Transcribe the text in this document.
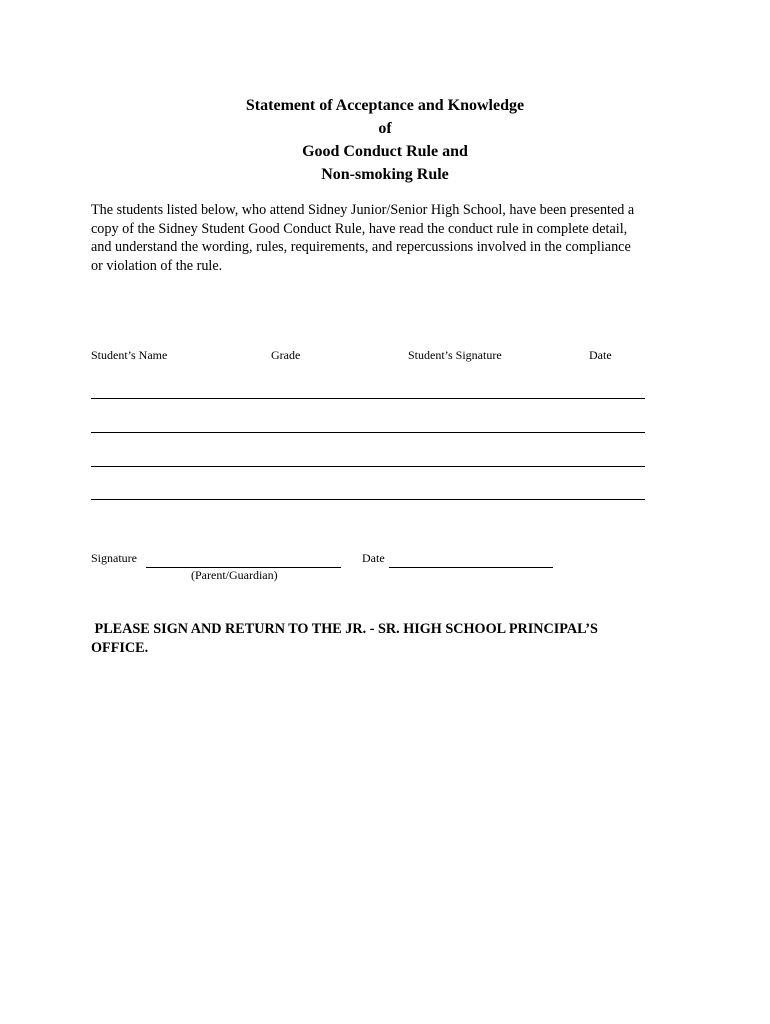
Statement of Acceptance and Knowledge
of
Good Conduct Rule and
Non-smoking Rule
The students listed below, who attend Sidney Junior/Senior High School, have been presented a
copy of the Sidney Student Good Conduct Rule, have read the conduct rule in complete detail,
and understand the wording, rules, requirements, and repercussions involved in the compliance
or violation of the rule.
Student’s Name	Grade	Student’s Signature	Date
Signature
(Parent/Guardian)
Date
PLEASE SIGN AND RETURN TO THE JR. - SR. HIGH SCHOOL PRINCIPAL’S
OFFICE.
